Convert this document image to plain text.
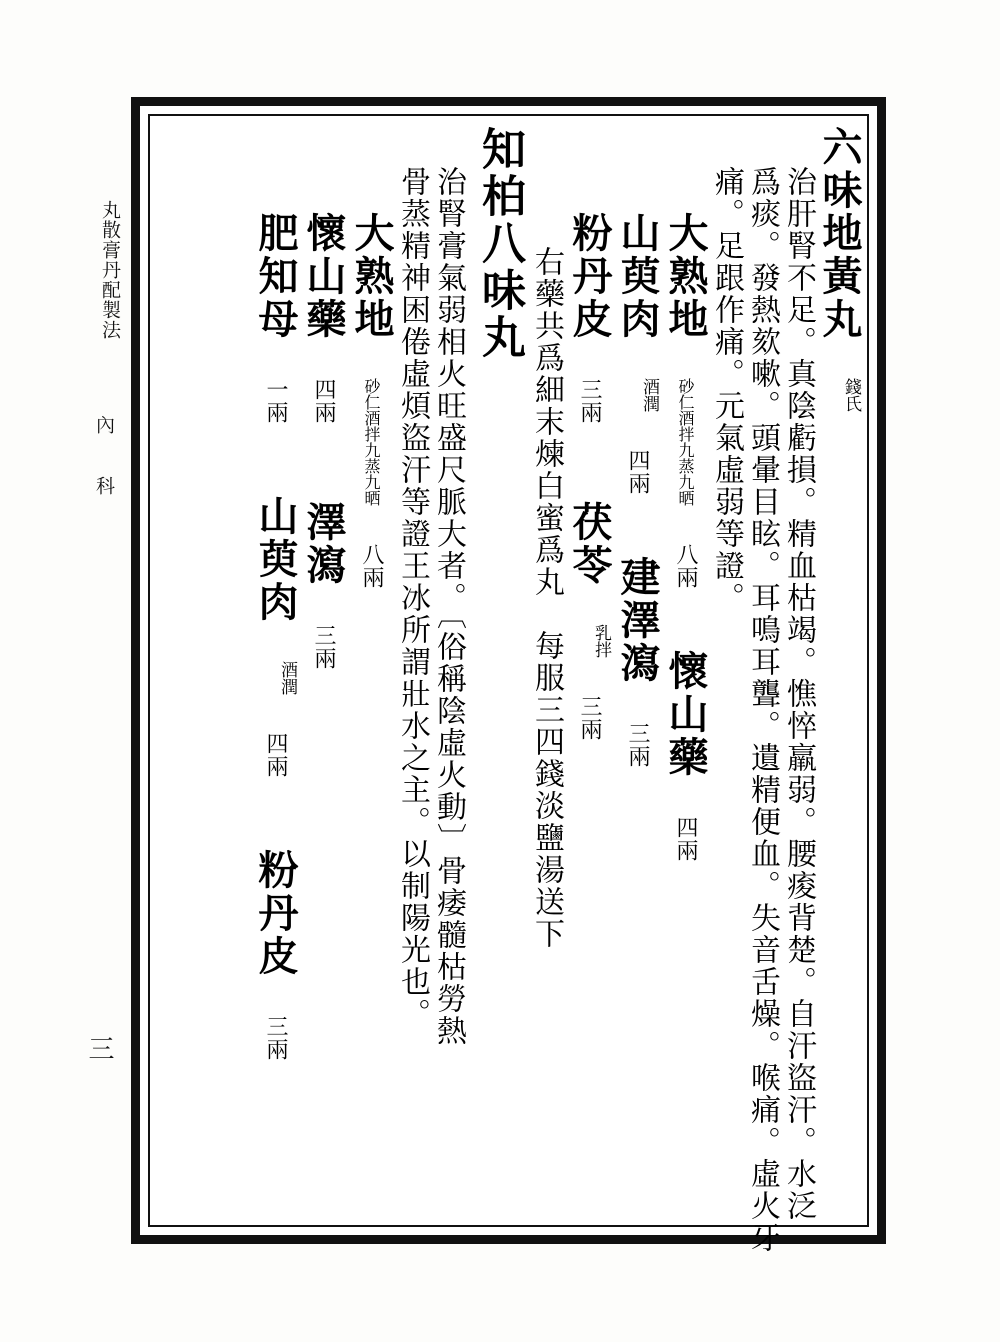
丸散膏丹配製法
內 科
三
六味地黃丸 錢氏
治肝腎不足。真陰虧損。精血枯竭。憔悴羸弱。腰痠背楚。自汗盜汗。水泛
爲痰。發熱欬嗽。頭暈目眩。耳鳴耳聾。遺精便血。失音舌燥。喉痛。虛火牙
痛。足跟作痛。元氣虛弱等證。
大熟地 砂仁酒拌九蒸九晒 八兩 懷山藥 四兩
山萸肉 酒潤 四兩 建澤瀉 三兩
粉丹皮 三兩 茯苓 乳拌 三兩
右藥共爲細末煉白蜜爲丸　每服三四錢淡鹽湯送下
知柏八味丸
治腎膏氣弱相火旺盛尺脈大者。〔俗稱陰虛火動〕骨痿髓枯勞熱
骨蒸精神困倦虛煩盜汗等證王冰所謂壯水之主。以制陽光也。
大熟地 砂仁酒拌九蒸九晒 八兩
懷山藥 四兩 澤瀉 三兩
肥知母 一兩 山萸肉 酒潤 四兩 粉丹皮 三兩
